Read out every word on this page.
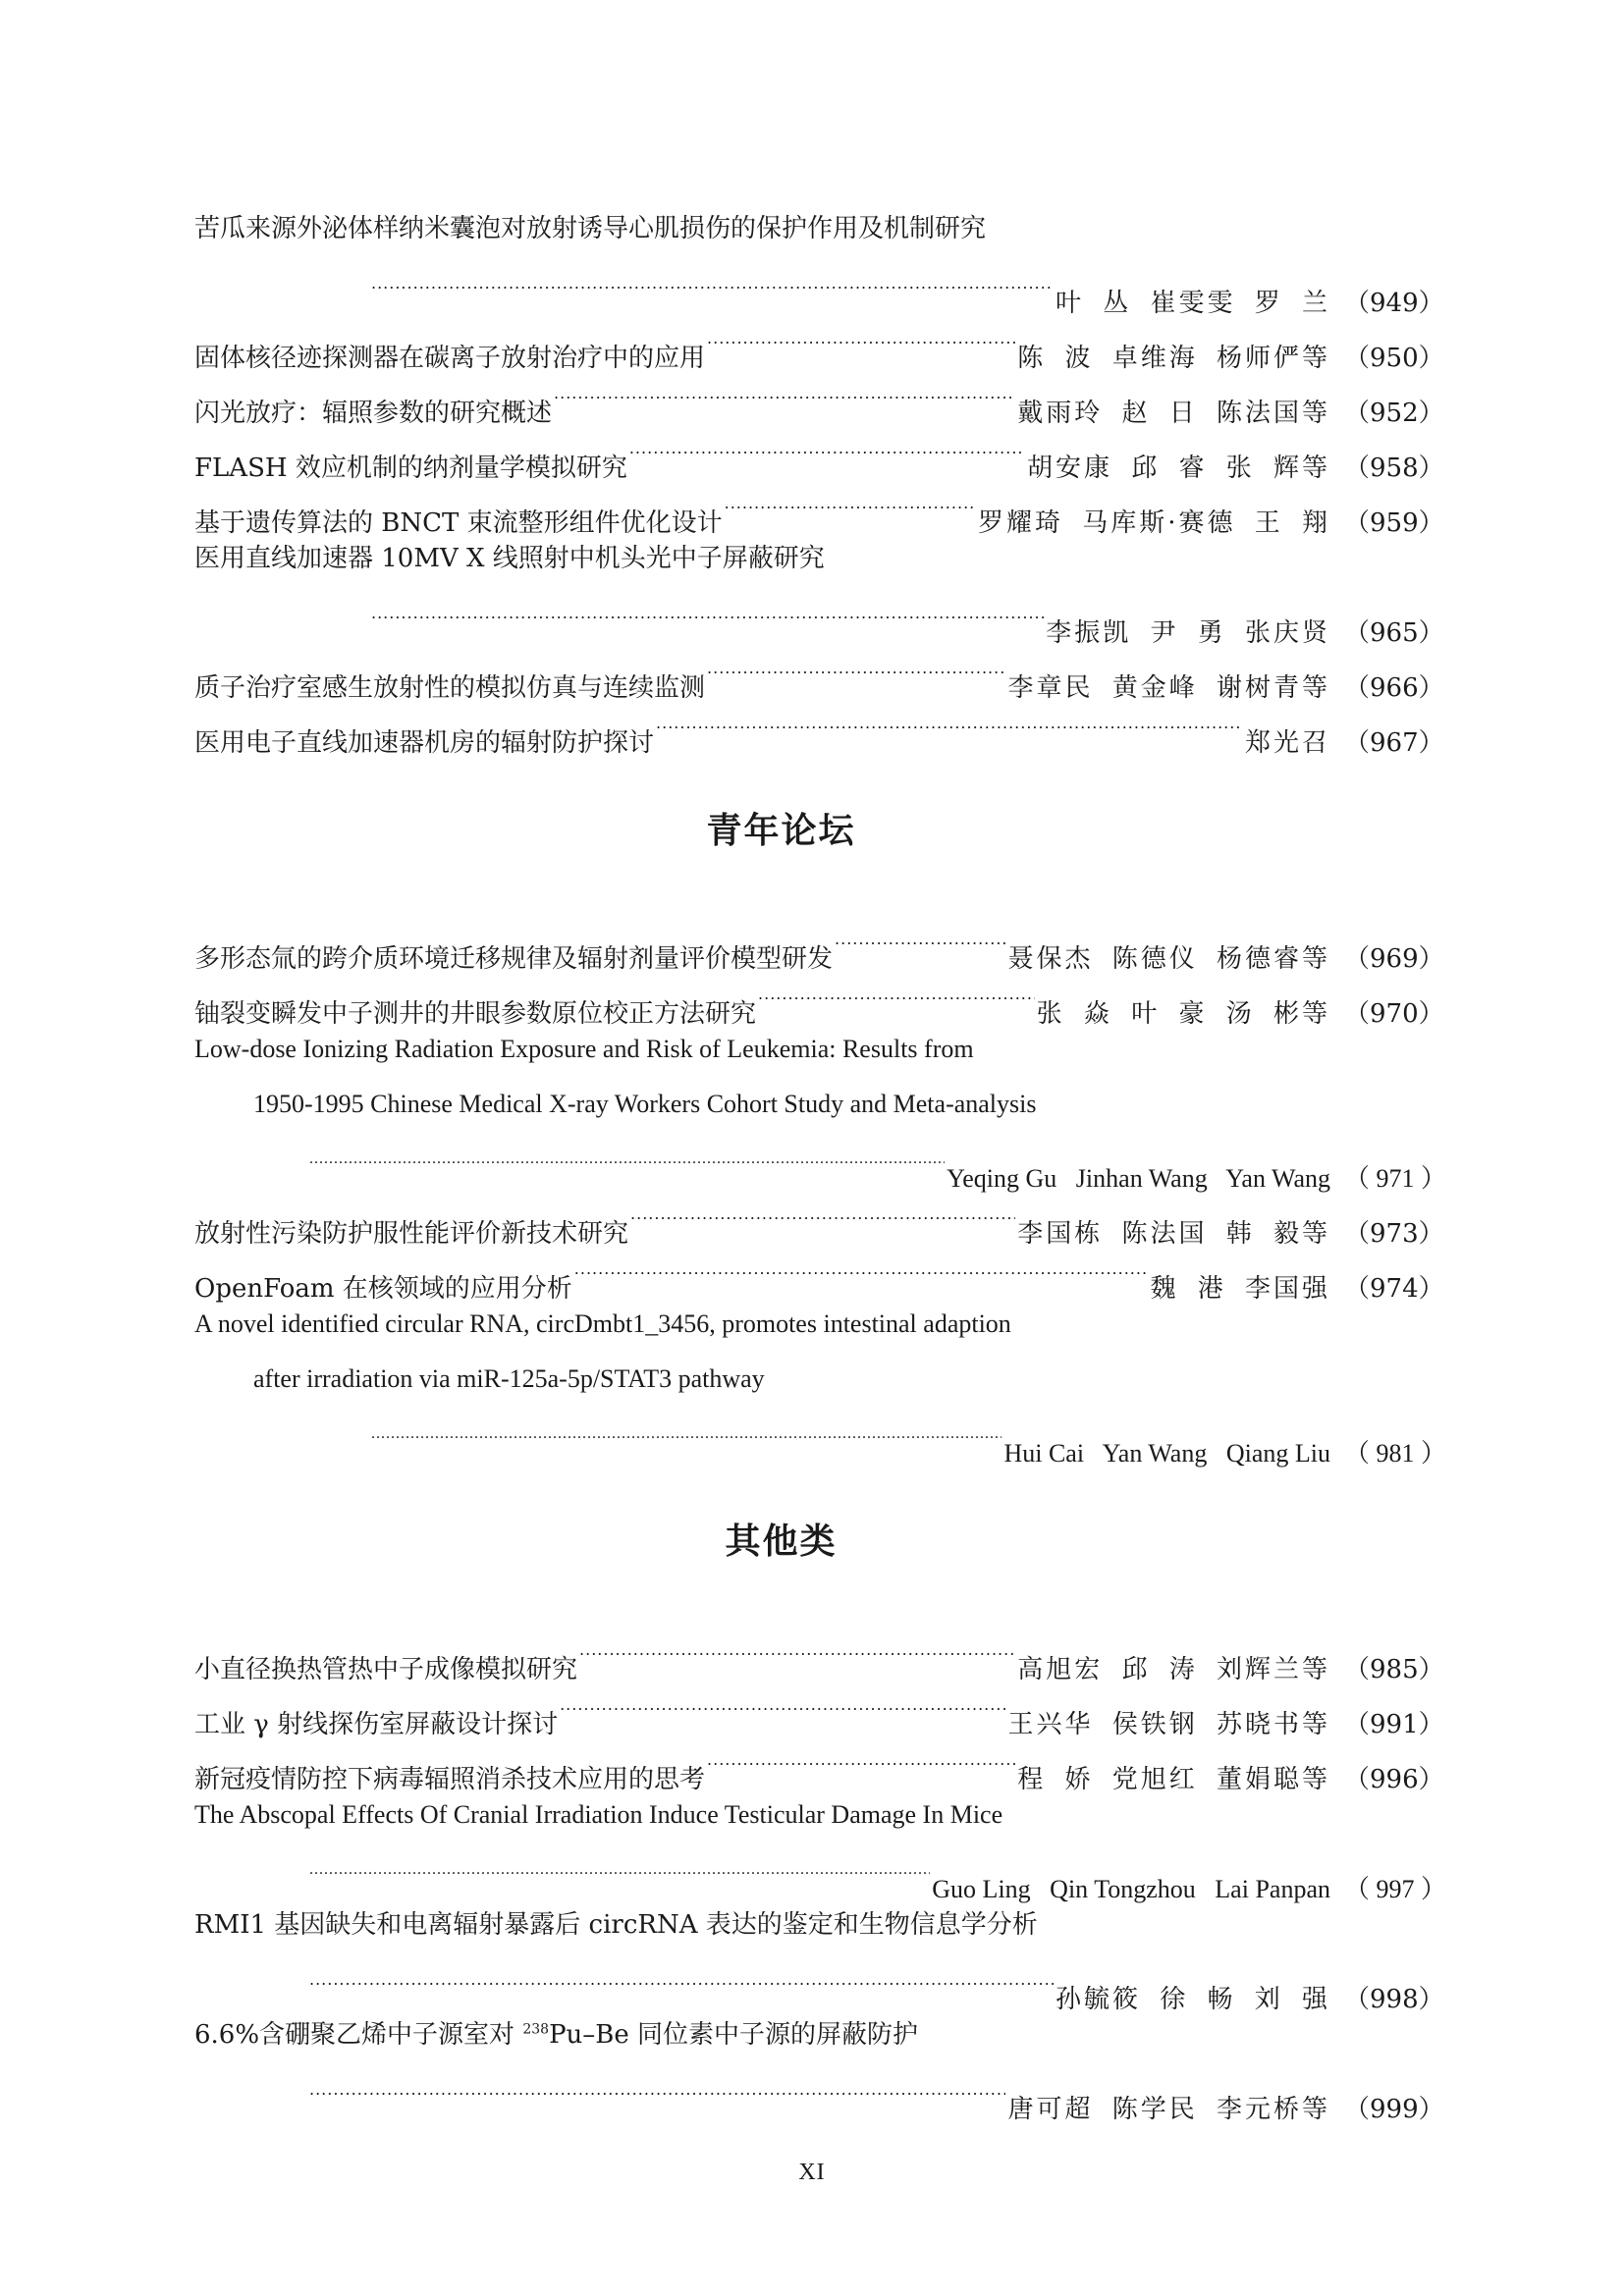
苦瓜来源外泌体样纳米囊泡对放射诱导心肌损伤的保护作用及机制研究
.....
叶 丛 崔雯雯 罗 兰 （949）
固体核径迹探测器在碳离子放射治疗中的应用 .....	陈 波 卓维海 杨师俨等 （950）
闪光放疗：辐照参数的研究概述 .....	戴雨玲 赵 日 陈法国等 （952）
FLASH 效应机制的纳剂量学模拟研究 .....	胡安康 邱 睿 张 辉等 （958）
基于遗传算法的 BNCT 束流整形组件优化设计 .....	罗耀琦 马库斯·赛德 王 翔 （959）
医用直线加速器 10MV X 线照射中机头光中子屏蔽研究
.....
李振凯 尹 勇 张庆贤 （965）
质子治疗室感生放射性的模拟仿真与连续监测 .....	李章民 黄金峰 谢树青等 （966）
医用电子直线加速器机房的辐射防护探讨 .....	郑光召 （967）
青年论坛
多形态氚的跨介质环境迁移规律及辐射剂量评价模型研发 .....	聂保杰 陈德仪 杨德睿等 （969）
铀裂变瞬发中子测井的井眼参数原位校正方法研究 .....	张 焱 叶 豪 汤 彬等 （970）
Low-dose Ionizing Radiation Exposure and Risk of Leukemia: Results from
1950-1995 Chinese Medical X-ray Workers Cohort Study and Meta-analysis
.....
Yeqing Gu   Jinhan Wang   Yan Wang （ 971 ）
放射性污染防护服性能评价新技术研究 .....	李国栋 陈法国 韩 毅等 （973）
OpenFoam 在核领域的应用分析 .....	魏 港 李国强 （974）
A novel identified circular RNA, circDmbt1_3456, promotes intestinal adaption
after irradiation via miR-125a-5p/STAT3 pathway
.....
Hui Cai   Yan Wang   Qiang Liu （ 981 ）
其他类
小直径换热管热中子成像模拟研究 .....	高旭宏 邱 涛 刘辉兰等 （985）
工业 γ 射线探伤室屏蔽设计探讨 .....	王兴华 侯铁钢 苏晓书等 （991）
新冠疫情防控下病毒辐照消杀技术应用的思考 .....	程 娇 党旭红 董娟聪等 （996）
The Abscopal Effects Of Cranial Irradiation Induce Testicular Damage In Mice
.....
Guo Ling   Qin Tongzhou   Lai Panpan （ 997 ）
RMI1 基因缺失和电离辐射暴露后 circRNA 表达的鉴定和生物信息学分析
.....
孙毓筱 徐 畅 刘 强 （998）
6.6%含硼聚乙烯中子源室对 $^{238}$Pu–Be 同位素中子源的屏蔽防护
.....
唐可超 陈学民 李元桥等 （999）
XI
